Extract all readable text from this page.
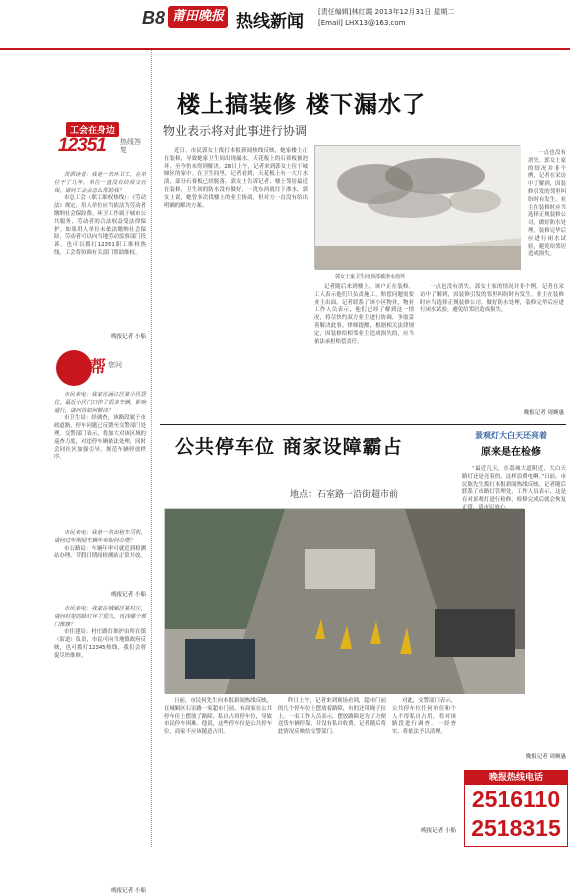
B8 莆田晚报 热线新闻 [责任编辑]林红霞 2013年12月31日 星期二
[Email] LHX13@163.com
工会在身边
12351 热线答复
泼洒读者：我是一名环卫工，在单位干了几年，单位一直没有给我交社保，请问工会会怎么帮助我？

市总工会（职工维权热线）：《劳动法》规定，用人单位应当依法为劳动者缴纳社会保险费。环卫工作属于城市公共服务，劳动者的合法权益受法律保护。如果用人单位未依法缴纳社会保险，劳动者可以向当地劳动监察部门投诉，也可以拨打12351职工维权热线，工会将协调有关部门帮助维权。

晚报记者 小船
帮 您问
市民来电：我家在涵江区某小区居住，最近小区门口停了很多车辆，影响通行，请问该如何解决？

市卫生局：经调查，该路段属于市政道路，停车问题已反馈至交警部门处理。交警部门表示，将加大对该区域的巡查力度，对违停车辆依法处理，同时会同社区加强引导，规范车辆停放秩序。

市民来电：我是一名出租车司机，请问过年期间车辆年审如何办理？

市公路局：车辆年审可就近到检测站办理，节假日期间检测站正常开放。

晚报记者 小船
市民来电：我家在城厢区某村庄，请问村里的路灯坏了很久，该找哪个部门维修？

市住建局：村庄路灯维护由所在镇（街道）负责，市民可向当地镇政府反映，也可拨打12345热线，我们会督促尽快维修。

晚报记者 小船
楼上搞装修 楼下漏水了
物业表示将对此事进行协调
郭女士家卫生间顶部被渗水泡坏

近日，市民郭女士拨打本报新闻热线反映，她家楼上正在装修，导致她家卫生间出现漏水，天花板上的石膏板被泡坏，至今仍未得到解决。28日上午，记者来到郭女士位于城厢区的家中。在卫生间里，记者看到，天花板上有一大片水渍，部分石膏板已经脱落。郭女士告诉记者，楼上邻居最近在装修，卫生间的防水没有做好，一洗东西就往下渗水。郭女士说，她曾多次找楼上的业主协商，但对方一直没有给出明确的解决方案。

记者随后来到楼上，该户正在装修，工人表示他们只负责施工，赔偿问题需要业主出面。记者联系了该小区物业，物业工作人员表示，他们已经了解到这一情况，将尽快约双方业主进行协调，争取妥善解决此事。律师提醒，根据相关法律规定，因装修给相邻业主造成损失的，应当依法承担赔偿责任。

一点也没有消失。郭女士家的情况并非个例，记者在采访中了解到，因装修引发的邻里纠纷时有发生。业主在装修时应当选择正规装修公司，做好防水处理，装修完毕后应进行闭水试验，避免给邻居造成损失。

晚报记者 周婉惠

一点也没有消失。郭女士家的情况并非个例，记者在采访中了解到，因装修引发的邻里纠纷时有发生。业主在装修时应当选择正规装修公司，做好防水处理，装修完毕后应进行闭水试验，避免给邻居造成损失。

公共停车位 商家设障霸占
地点：石室路一沿街超市前

日前，市民何先生向本报新闻热线反映，在城厢区石室路一家超市门前，有商家在公共停车位上摆放了路障，私自占用停车位，导致市民停车困难。他说，这些停车位是公共停车位，商家不应该随意占用。

昨日上午，记者来到现场看到，超市门前的几个停车位上摆放着路障，有的还用绳子拉上。一名工作人员表示，摆放路障是为了方便送货车辆停靠，并没有私自收费。记者随后将此情况反映给交警部门。

对此，交警部门表示，公共停车位任何单位和个人不得私自占用，将对该路段进行调查，一经查实，将依法予以清理。

晚报记者 小船
景观灯大白天还亮着
原来是在检修

“最近几天，在荔城大道附近，大白天路灯还是亮着的，这样浪费电啊。”日前，市民陈先生拨打本报新闻热线反映。记者随后联系了市路灯管理处，工作人员表示，这是在对景观灯进行检修，检修完成后就会恢复正常，请市民放心。

晚报记者 周婉惠
晚报热线电话
2516110
2518315
